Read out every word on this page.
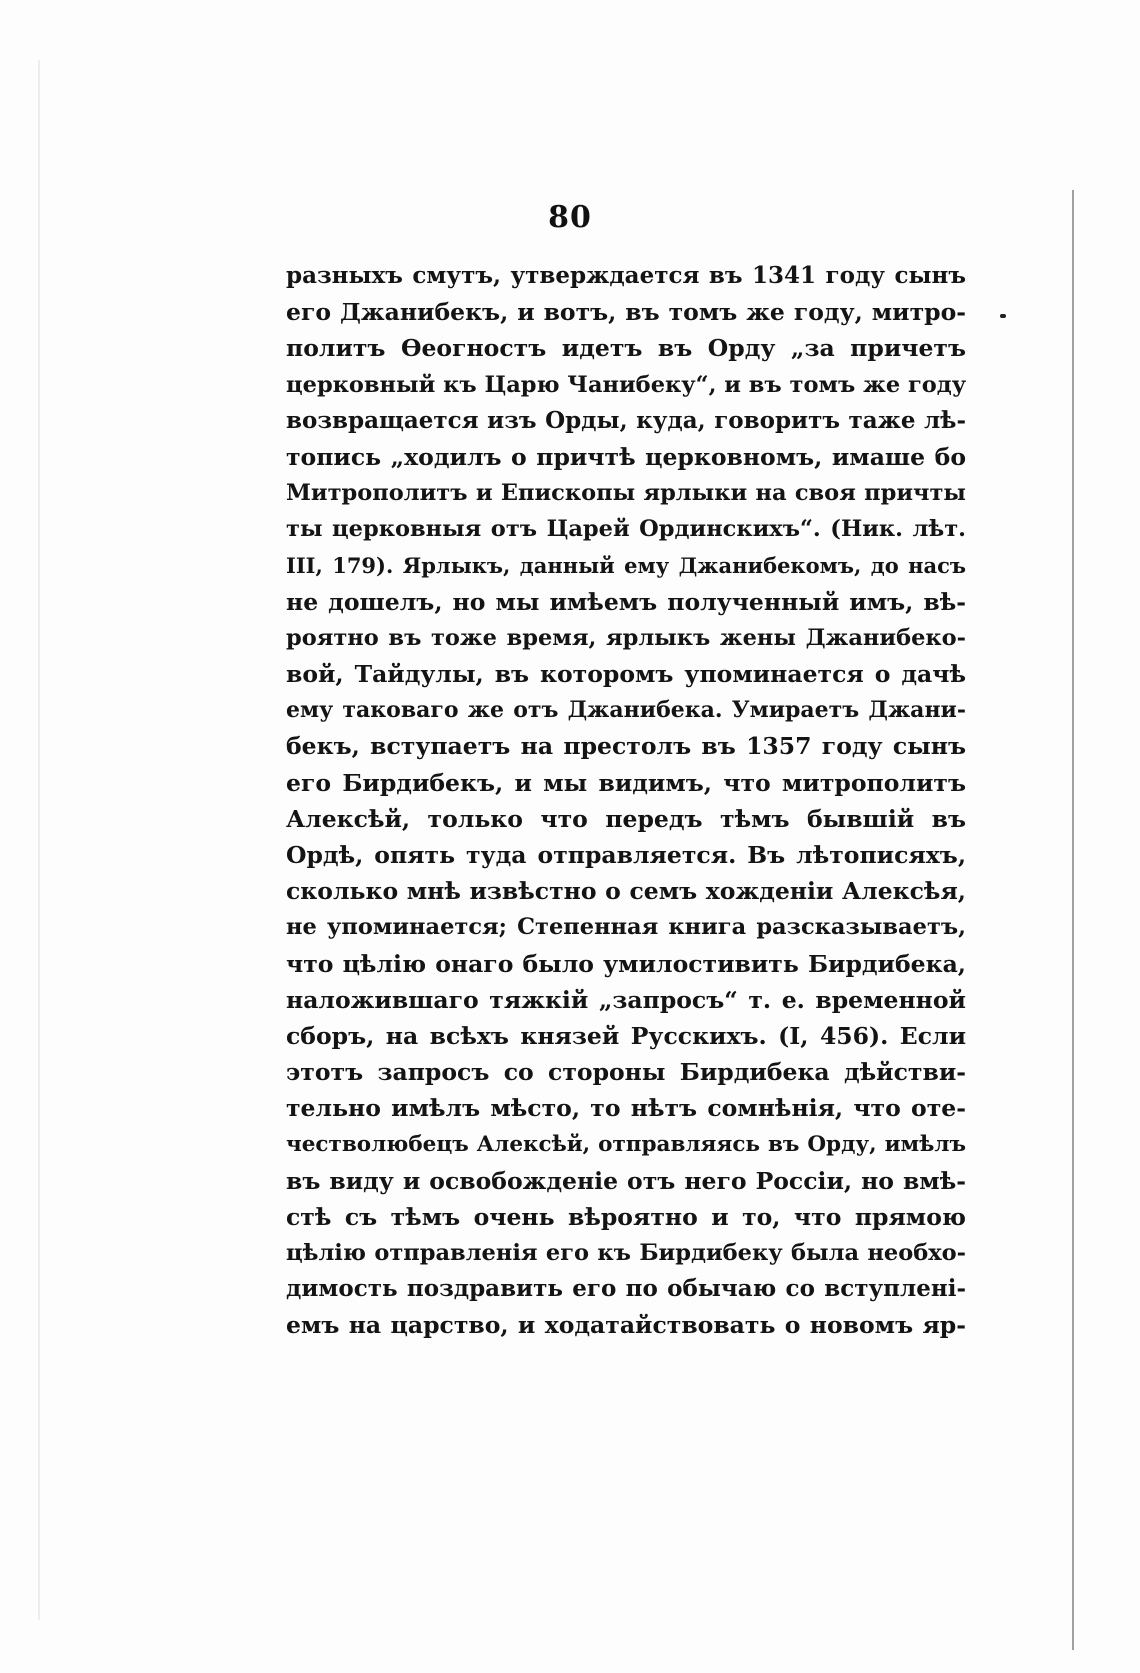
80
разныхъ смутъ, утверждается въ 1341 году сынъ
его Джанибекъ, и вотъ, въ томъ же году, митро-
политъ Өеогностъ идетъ въ Орду „за причетъ
церковный къ Царю Чанибеку“, и въ томъ же году
возвращается изъ Орды, куда, говоритъ таже лѣ-
топись „ходилъ о причтѣ церковномъ, имаше бо
Митрополитъ и Епископы ярлыки на своя причты
ты церковныя отъ Царей Ординскихъ“. (Ник. лѣт.
III, 179). Ярлыкъ, данный ему Джанибекомъ, до насъ
не дошелъ, но мы имѣемъ полученный имъ, вѣ-
роятно въ тоже время, ярлыкъ жены Джанибеко-
вой, Тайдулы, въ которомъ упоминается о дачѣ
ему таковаго же отъ Джанибека. Умираетъ Джани-
бекъ, вступаетъ на престолъ въ 1357 году сынъ
его Бирдибекъ, и мы видимъ, что митрополитъ
Алексѣй, только что передъ тѣмъ бывшій въ
Ордѣ, опять туда отправляется. Въ лѣтописяхъ,
сколько мнѣ извѣстно о семъ хожденіи Алексѣя,
не упоминается; Степенная книга разсказываетъ,
что цѣлію онаго было умилостивить Бирдибека,
наложившаго тяжкій „запросъ“ т. е. временной
сборъ, на всѣхъ князей Русскихъ. (I, 456). Если
этотъ запросъ со стороны Бирдибека дѣйстви-
тельно имѣлъ мѣсто, то нѣтъ сомнѣнія, что оте-
честволюбецъ Алексѣй, отправляясь въ Орду, имѣлъ
въ виду и освобожденіе отъ него Россіи, но вмѣ-
стѣ съ тѣмъ очень вѣроятно и то, что прямою
цѣлію отправленія его къ Бирдибеку была необхо-
димость поздравить его по обычаю со вступлені-
емъ на царство, и ходатайствовать о новомъ яр-
